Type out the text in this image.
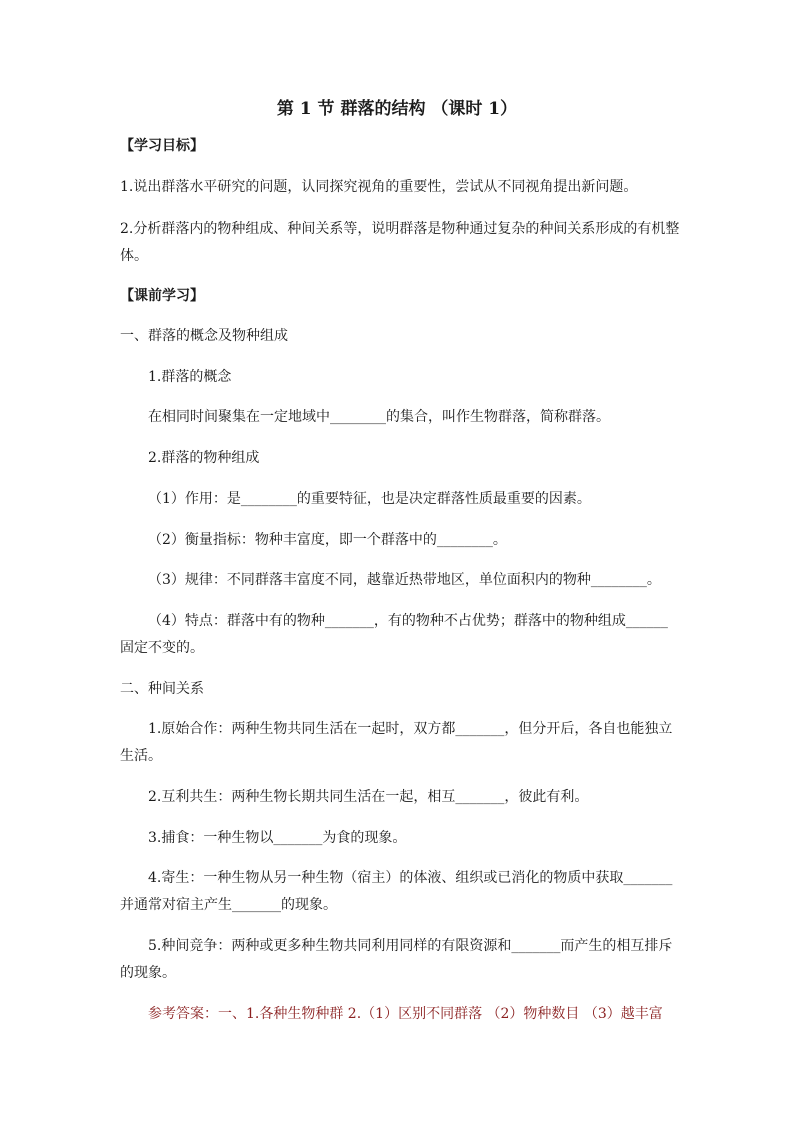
第 1 节 群落的结构 （课时 1）
【学习目标】
1.说出群落水平研究的问题，认同探究视角的重要性，尝试从不同视角提出新问题。
2.分析群落内的物种组成、种间关系等，说明群落是物种通过复杂的种间关系形成的有机整
体。
【课前学习】
一、群落的概念及物种组成
1.群落的概念
在相同时间聚集在一定地域中________的集合，叫作生物群落，简称群落。
2.群落的物种组成
（1）作用：是________的重要特征，也是决定群落性质最重要的因素。
（2）衡量指标：物种丰富度，即一个群落中的________。
（3）规律：不同群落丰富度不同，越靠近热带地区，单位面积内的物种________。
（4）特点：群落中有的物种_______，有的物种不占优势；群落中的物种组成______
固定不变的。
二、种间关系
1.原始合作：两种生物共同生活在一起时，双方都_______，但分开后，各自也能独立
生活。
2.互利共生：两种生物长期共同生活在一起，相互_______，彼此有利。
3.捕食：一种生物以_______为食的现象。
4.寄生：一种生物从另一种生物（宿主）的体液、组织或已消化的物质中获取_______
并通常对宿主产生_______的现象。
5.种间竞争：两种或更多种生物共同利用同样的有限资源和_______而产生的相互排斥
的现象。
参考答案：一、1.各种生物种群 2.（1）区别不同群落 （2）物种数目 （3）越丰富
